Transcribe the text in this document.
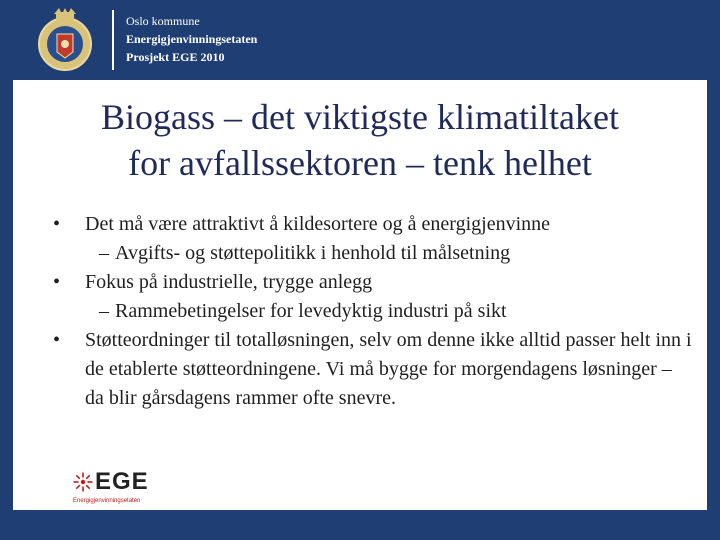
Oslo kommune
Energigjenvinningsetaten
Prosjekt EGE 2010
Biogass – det viktigste klimatiltaket
for avfallssektoren – tenk helhet
• Det må være attraktivt å kildesortere og å energigjenvinne
– Avgifts- og støttepolitikk i henhold til målsetning
• Fokus på industrielle, trygge anlegg
– Rammebetingelser for levedyktig industri på sikt
• Støtteordninger til totalløsningen, selv om denne ikke alltid passer helt inn i de etablerte støtteordningene. Vi må bygge for morgendagens løsninger – da blir gårsdagens rammer ofte snevre.
EGE
Energigjenvinningsetaten
